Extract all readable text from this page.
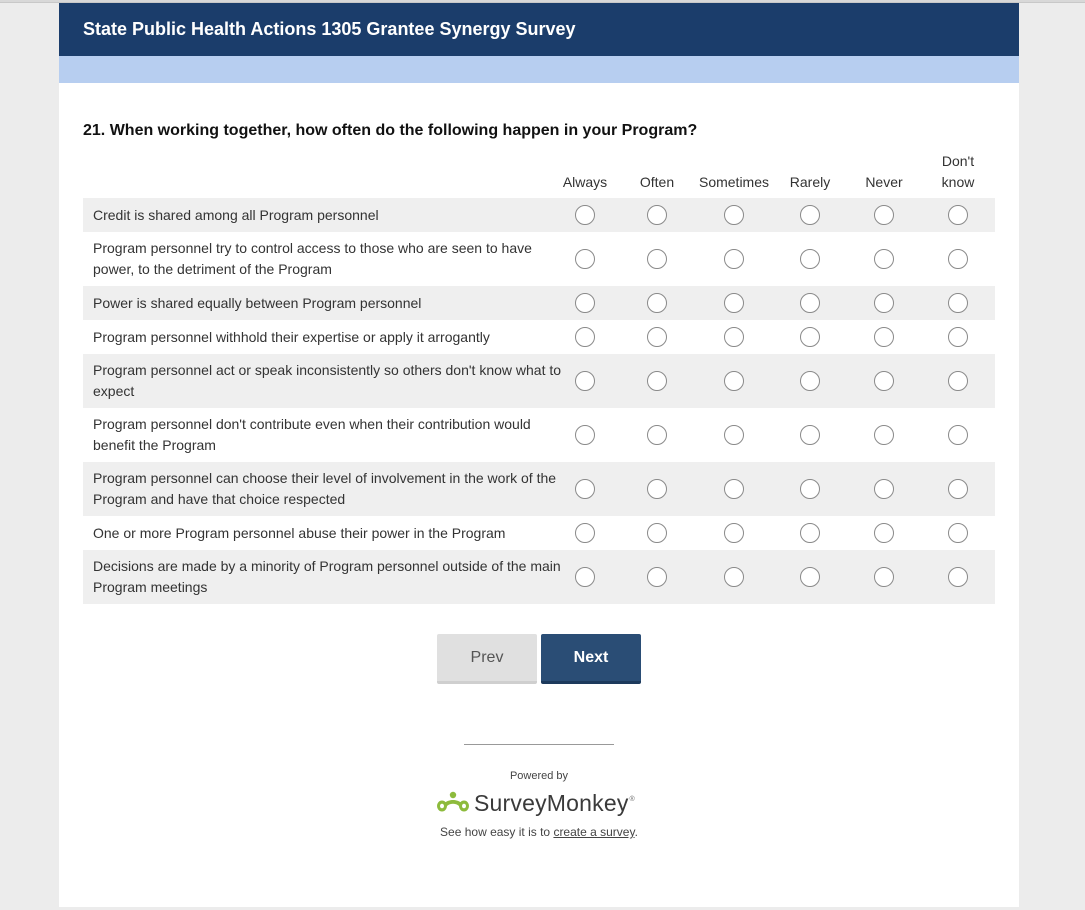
State Public Health Actions 1305 Grantee Synergy Survey
21. When working together, how often do the following happen in your Program?
Always Often Sometimes Rarely	Never
Don't know
Credit is shared among all Program personnel
Program personnel try to control access to those who are seen to have power, to the detriment of the Program
Power is shared equally between Program personnel
Program personnel withhold their expertise or apply it arrogantly
Program personnel act or speak inconsistently so others don't know what to expect
Program personnel don't contribute even when their contribution would benefit the Program
Program personnel can choose their level of involvement in the work of the Program and have that choice respected
One or more Program personnel abuse their power in the Program
Decisions are made by a minority of Program personnel outside of the main Program meetings
Prev	Next
Powered by
SurveyMonkey ®
See how easy it is to create a survey.
